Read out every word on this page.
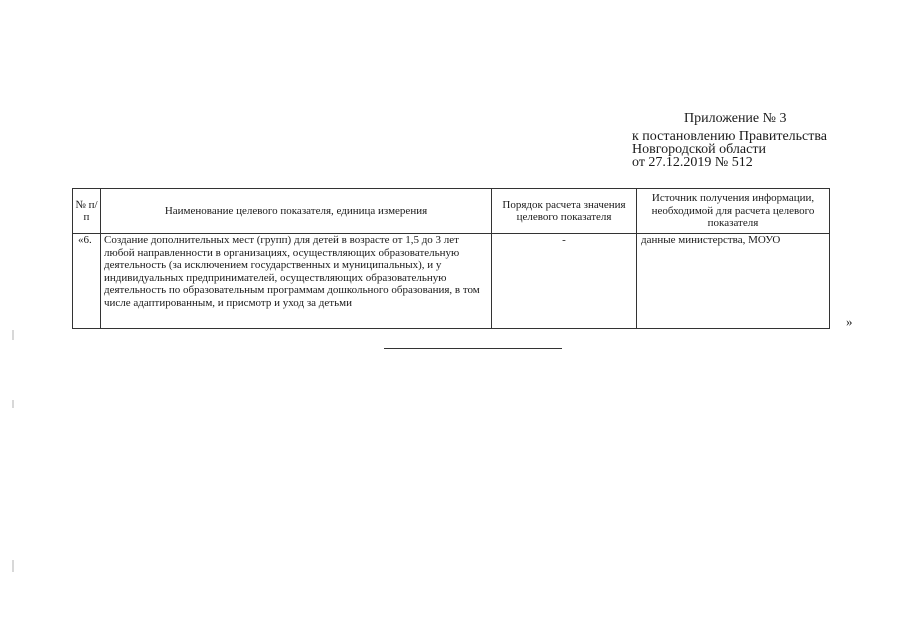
Приложение № 3
к постановлению Правительства
Новгородской области
от 27.12.2019 № 512
№ п/п	Наименование целевого показателя, единица измерения	Порядок расчета значения целевого показателя	Источник получения информации, необходимой для расчета целевого показателя
«6.	Создание дополнительных мест (групп) для детей в возрасте от 1,5 до 3 лет любой направленности в организациях, осуществляющих образовательную деятельность (за исключением государственных и муниципальных), и у индивидуальных предпринимателей, осуществляющих образовательную деятельность по образовательным программам дошкольного образования, в том числе адаптированным, и присмотр и уход за детьми	-	данные министерства, МОУО
»
